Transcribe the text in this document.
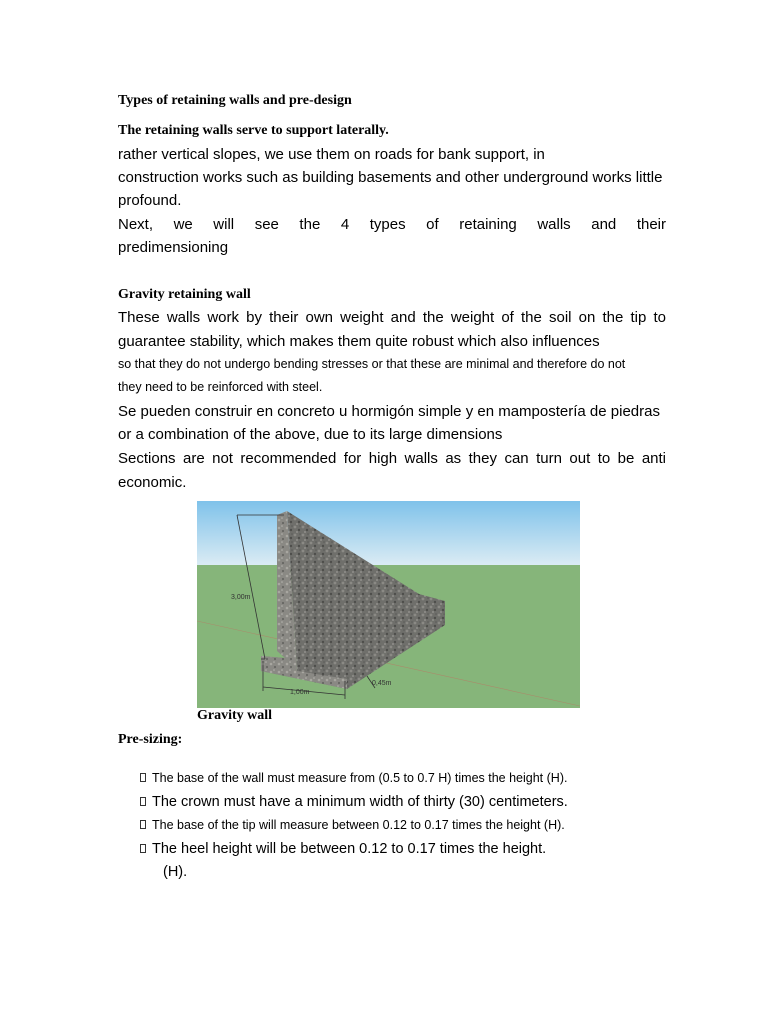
Types of retaining walls and pre-design
The retaining walls serve to support laterally.
rather vertical slopes, we use them on roads for bank support, in
construction works such as building basements and other underground works little
profound.
Next, we will see the 4 types of retaining walls and their
predimensioning
Gravity retaining wall
These walls work by their own weight and the weight of the soil on the tip to
guarantee stability, which makes them quite robust which also influences
so that they do not undergo bending stresses or that these are minimal and therefore do not
they need to be reinforced with steel.
Se pueden construir en concreto u hormigón simple y en mampostería de piedras
or a combination of the above, due to its large dimensions
Sections are not recommended for high walls as they can turn out to be anti
economic.
3,00m
1,00m
0,45m
Gravity wall
Pre-sizing:
The base of the wall must measure from (0.5 to 0.7 H) times the height (H).
The crown must have a minimum width of thirty (30) centimeters.
The base of the tip will measure between 0.12 to 0.17 times the height (H).
The heel height will be between 0.12 to 0.17 times the height.
(H).
